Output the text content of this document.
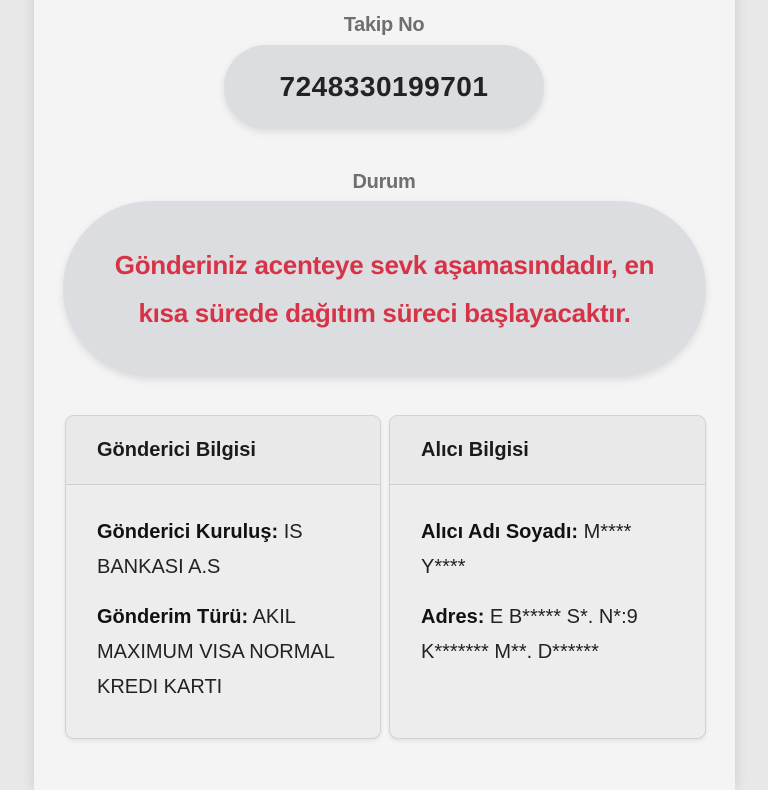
Takip No
7248330199701
Durum
Gönderiniz acenteye sevk aşamasındadır, en kısa sürede dağıtım süreci başlayacaktır.
Gönderici Bilgisi
Gönderici Kuruluş: IS BANKASI A.S
Gönderim Türü: AKIL MAXIMUM VISA NORMAL KREDI KARTI
Alıcı Bilgisi
Alıcı Adı Soyadı: M**** Y****
Adres: E B***** S*. N*:9 K******* M**. D******
